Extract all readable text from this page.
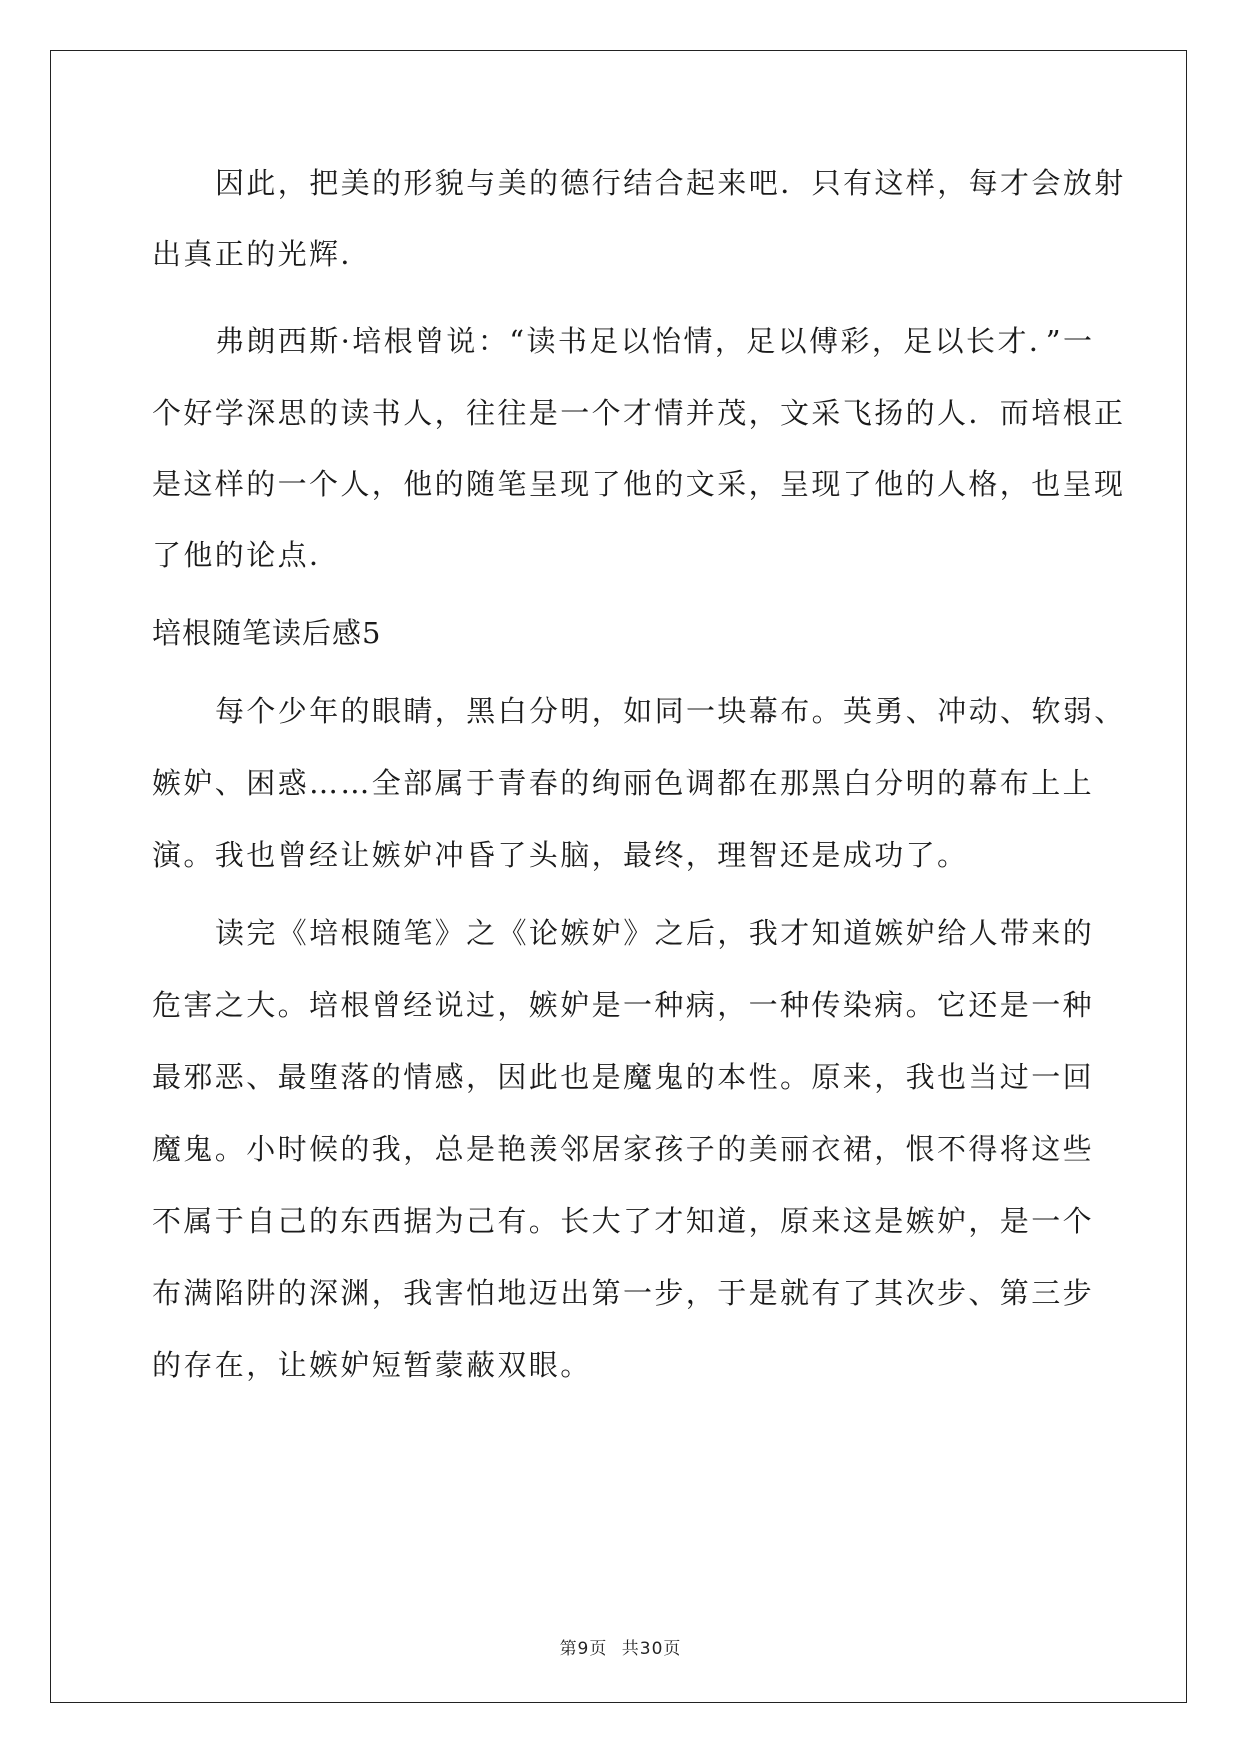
因此，把美的形貌与美的德行结合起来吧．只有这样，每才会放射
出真正的光辉．
弗朗西斯·培根曾说：“读书足以怡情，足以傅彩，足以长才．”一
个好学深思的读书人，往往是一个才情并茂，文采飞扬的人．而培根正
是这样的一个人，他的随笔呈现了他的文采，呈现了他的人格，也呈现
了他的论点．
培根随笔读后感5
每个少年的眼睛，黑白分明，如同一块幕布。英勇、冲动、软弱、
嫉妒、困惑……全部属于青春的绚丽色调都在那黑白分明的幕布上上
演。我也曾经让嫉妒冲昏了头脑，最终，理智还是成功了。
读完《培根随笔》之《论嫉妒》之后，我才知道嫉妒给人带来的
危害之大。培根曾经说过，嫉妒是一种病，一种传染病。它还是一种
最邪恶、最堕落的情感，因此也是魔鬼的本性。原来，我也当过一回
魔鬼。小时候的我，总是艳羡邻居家孩子的美丽衣裙，恨不得将这些
不属于自己的东西据为己有。长大了才知道，原来这是嫉妒，是一个
布满陷阱的深渊，我害怕地迈出第一步，于是就有了其次步、第三步
的存在，让嫉妒短暂蒙蔽双眼。
第9页 共30页
